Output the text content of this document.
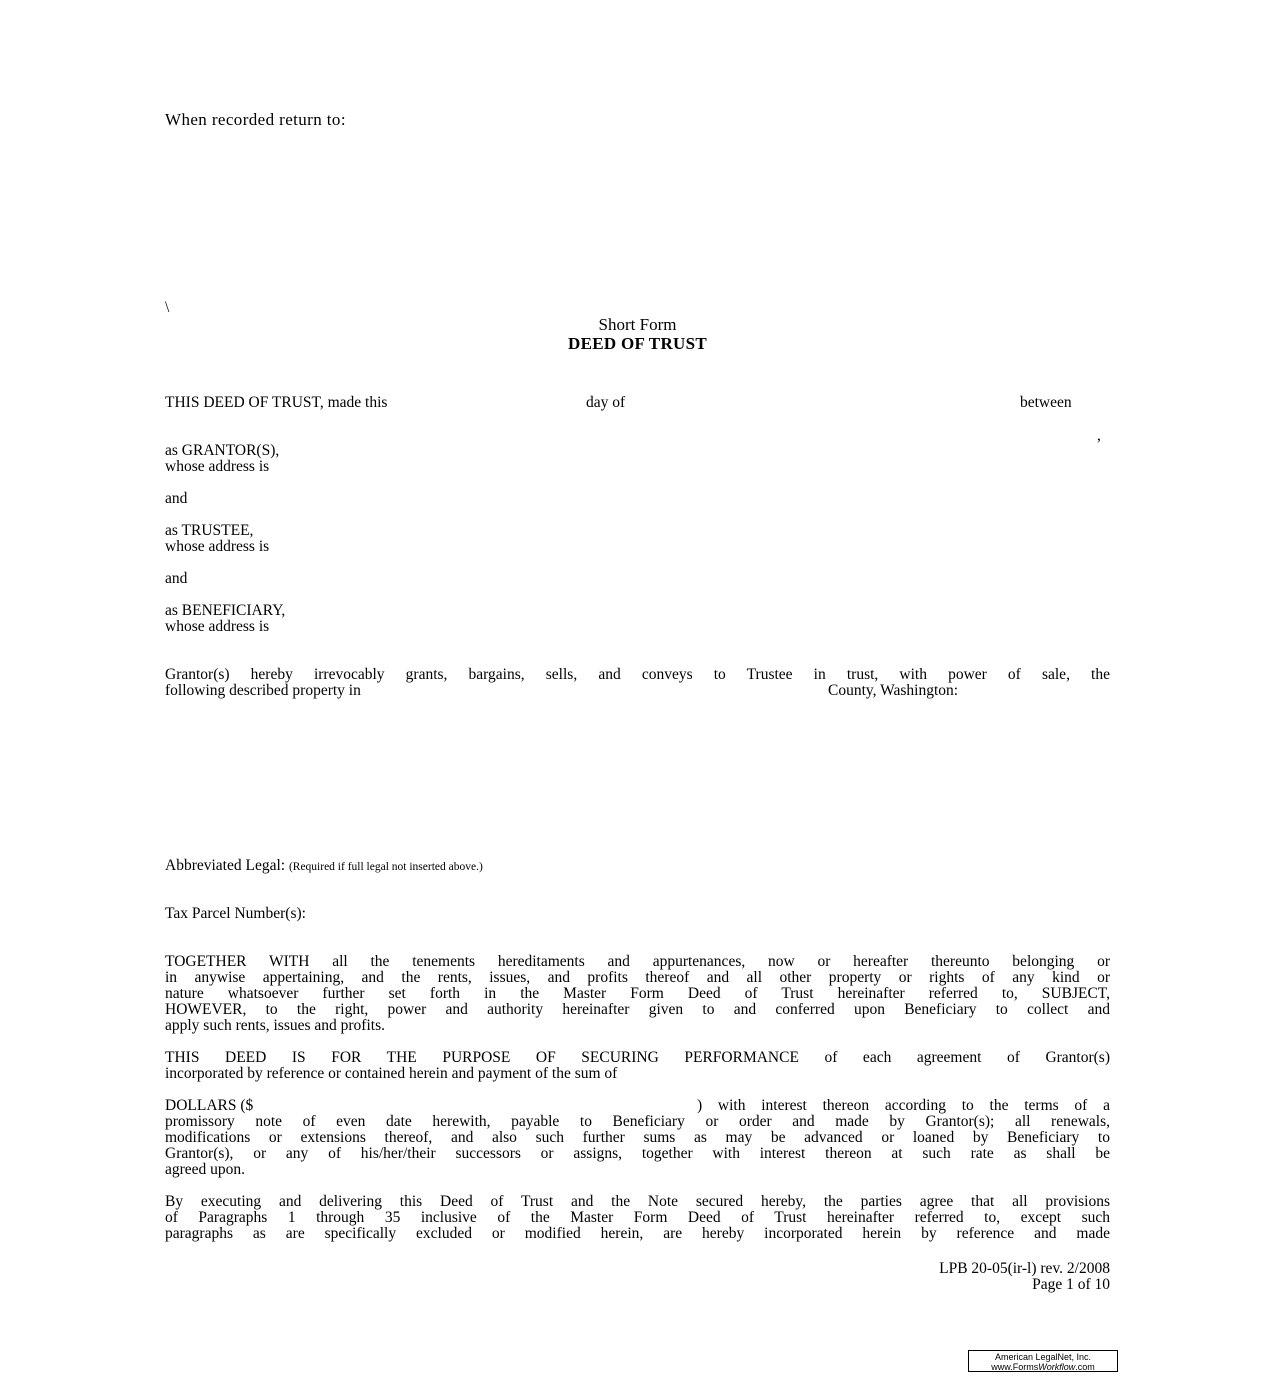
When recorded return to:
\
Short Form
DEED OF TRUST
THIS DEED OF TRUST, made this	day of	between
,
as GRANTOR(S),
whose address is
and
as TRUSTEE,
whose address is
and
as BENEFICIARY,
whose address is
Grantor(s) hereby irrevocably grants, bargains, sells, and conveys to Trustee in trust, with power of sale, the
following described property in	County, Washington:
Abbreviated Legal: (Required if full legal not inserted above.)
Tax Parcel Number(s):
TOGETHER WITH all the tenements hereditaments and appurtenances, now or hereafter thereunto belonging or
in anywise appertaining, and the rents, issues, and profits thereof and all other property or rights of any kind or
nature whatsoever further set forth in the Master Form Deed of Trust hereinafter referred to, SUBJECT,
HOWEVER, to the right, power and authority hereinafter given to and conferred upon Beneficiary to collect and
apply such rents, issues and profits.
THIS DEED IS FOR THE PURPOSE OF SECURING PERFORMANCE of each agreement of Grantor(s)
incorporated by reference or contained herein and payment of the sum of
DOLLARS ($	) with interest thereon according to the terms of a
promissory note of even date herewith, payable to Beneficiary or order and made by Grantor(s); all renewals,
modifications or extensions thereof, and also such further sums as may be advanced or loaned by Beneficiary to
Grantor(s), or any of his/her/their successors or assigns, together with interest thereon at such rate as shall be
agreed upon.
By executing and delivering this Deed of Trust and the Note secured hereby, the parties agree that all provisions
of Paragraphs 1 through 35 inclusive of the Master Form Deed of Trust hereinafter referred to, except such
paragraphs as are specifically excluded or modified herein, are hereby incorporated herein by reference and made
LPB 20-05(ir-l) rev. 2/2008
Page 1 of 10
American LegalNet, Inc.
www.FormsWorkflow.com
